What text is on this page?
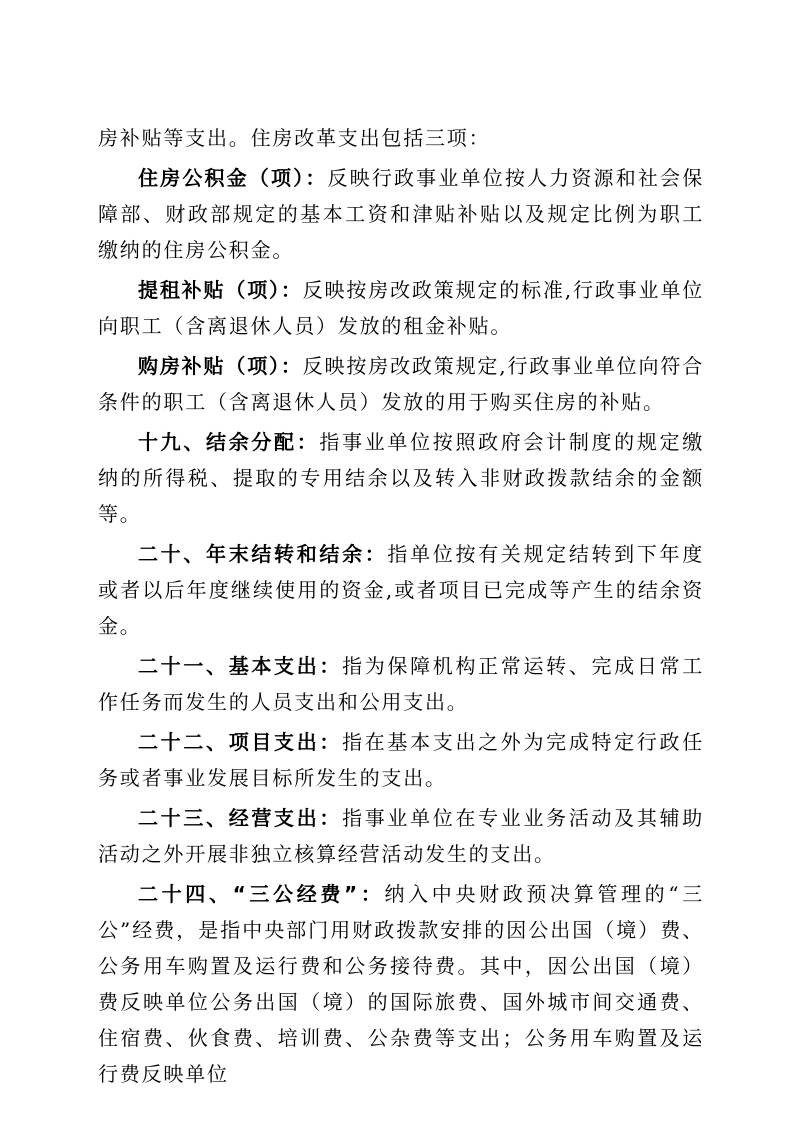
房补贴等支出。住房改革支出包括三项：

住房公积金（项）：反映行政事业单位按人力资源和社会保障部、财政部规定的基本工资和津贴补贴以及规定比例为职工缴纳的住房公积金。

提租补贴（项）：反映按房改政策规定的标准,行政事业单位向职工（含离退休人员）发放的租金补贴。

购房补贴（项）：反映按房改政策规定,行政事业单位向符合条件的职工（含离退休人员）发放的用于购买住房的补贴。

十九、结余分配：指事业单位按照政府会计制度的规定缴纳的所得税、提取的专用结余以及转入非财政拨款结余的金额等。

二十、年末结转和结余：指单位按有关规定结转到下年度或者以后年度继续使用的资金,或者项目已完成等产生的结余资金。

二十一、基本支出：指为保障机构正常运转、完成日常工作任务而发生的人员支出和公用支出。

二十二、项目支出：指在基本支出之外为完成特定行政任务或者事业发展目标所发生的支出。

二十三、经营支出：指事业单位在专业业务活动及其辅助活动之外开展非独立核算经营活动发生的支出。

二十四、“三公经费”：纳入中央财政预决算管理的“三公”经费，是指中央部门用财政拨款安排的因公出国（境）费、公务用车购置及运行费和公务接待费。其中，因公出国（境）费反映单位公务出国（境）的国际旅费、国外城市间交通费、住宿费、伙食费、培训费、公杂费等支出；公务用车购置及运行费反映单位
